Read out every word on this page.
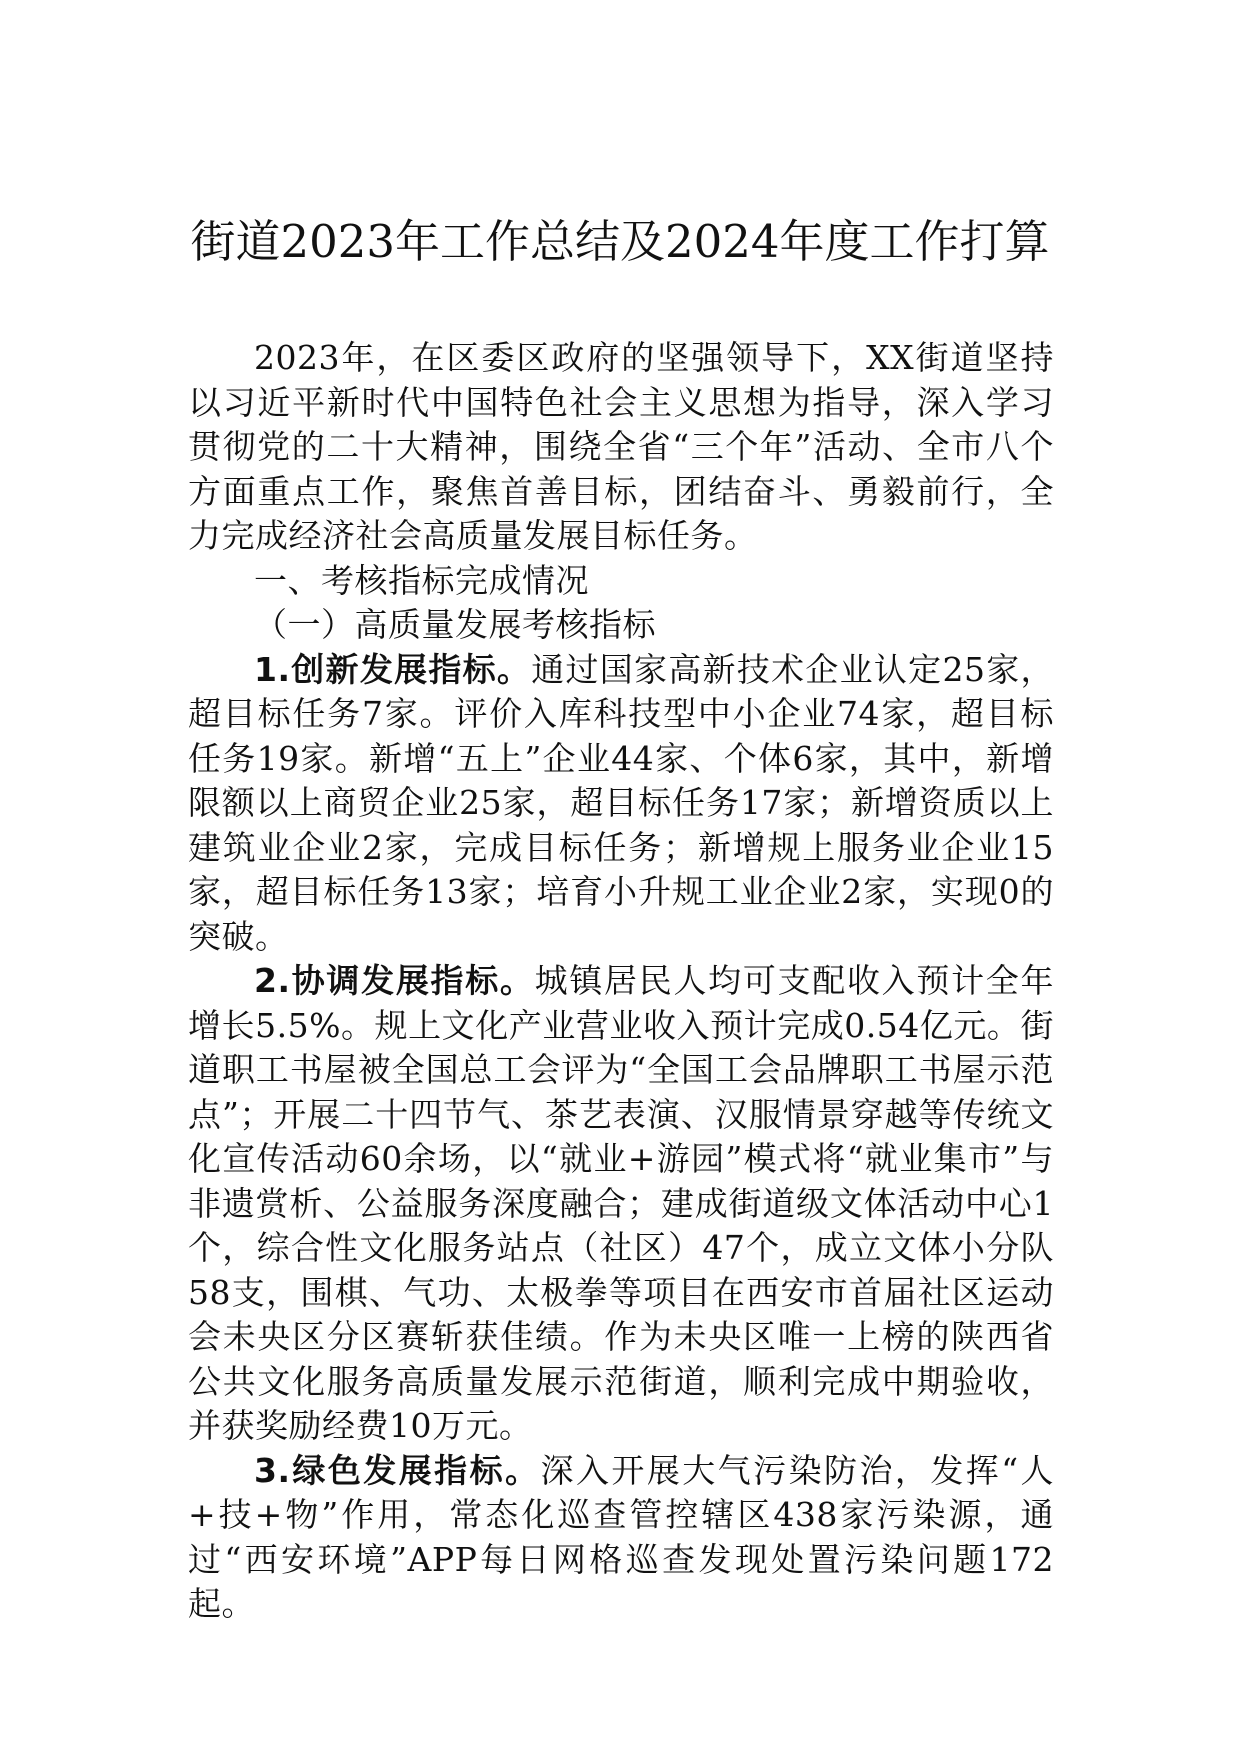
街道2023年工作总结及2024年度工作打算

2023年，在区委区政府的坚强领导下，XX街道坚持以习近平新时代中国特色社会主义思想为指导，深入学习贯彻党的二十大精神，围绕全省“三个年”活动、全市八个方面重点工作，聚焦首善目标，团结奋斗、勇毅前行，全力完成经济社会高质量发展目标任务。

一、考核指标完成情况

（一）高质量发展考核指标

1.创新发展指标。通过国家高新技术企业认定25家，超目标任务7家。评价入库科技型中小企业74家，超目标任务19家。新增“五上”企业44家、个体6家，其中，新增限额以上商贸企业25家，超目标任务17家；新增资质以上建筑业企业2家，完成目标任务；新增规上服务业企业15家，超目标任务13家；培育小升规工业企业2家，实现0的突破。

2.协调发展指标。城镇居民人均可支配收入预计全年增长5.5%。规上文化产业营业收入预计完成0.54亿元。街道职工书屋被全国总工会评为“全国工会品牌职工书屋示范点”；开展二十四节气、茶艺表演、汉服情景穿越等传统文化宣传活动60余场，以“就业+游园”模式将“就业集市”与非遗赏析、公益服务深度融合；建成街道级文体活动中心1个，综合性文化服务站点（社区）47个，成立文体小分队58支，围棋、气功、太极拳等项目在西安市首届社区运动会未央区分区赛斩获佳绩。作为未央区唯一上榜的陕西省公共文化服务高质量发展示范街道，顺利完成中期验收，并获奖励经费10万元。

3.绿色发展指标。深入开展大气污染防治，发挥“人+技+物”作用，常态化巡查管控辖区438家污染源，通过“西安环境”APP每日网格巡查发现处置污染问题172起。
